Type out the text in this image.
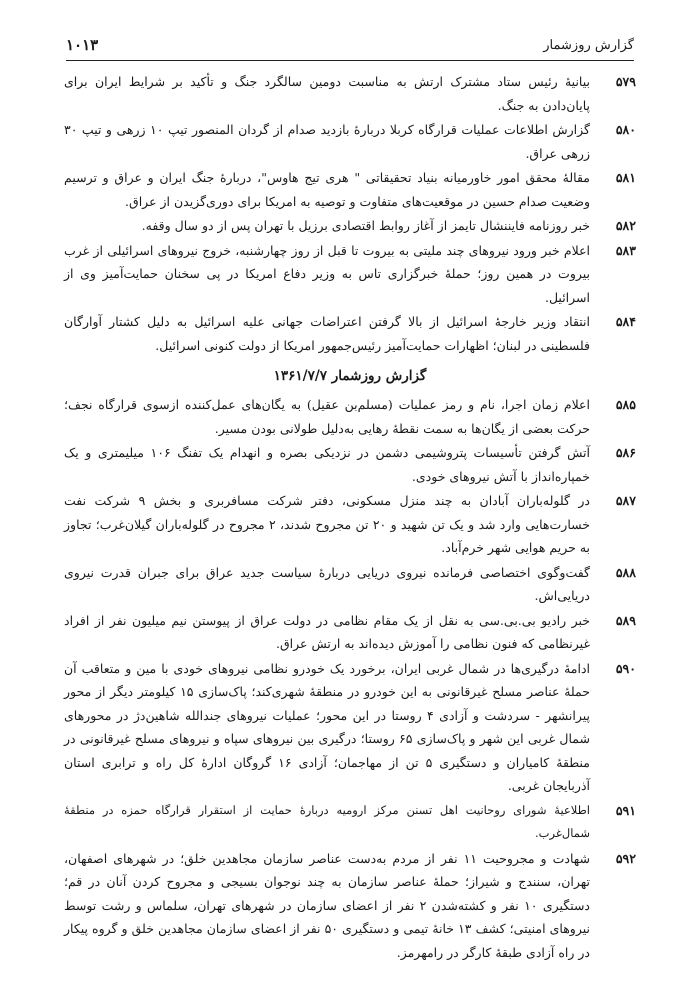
گزارش روزشمار
۱۰۱۳
۵۷۹
بیانیهٔ رئیس ستاد مشترک ارتش به مناسبت دومین سالگرد جنگ و تأکید بر شرایط ایران برای پایان‌دادن به جنگ.
۵۸۰
گزارش اطلاعات عملیات قرارگاه کربلا دربارهٔ بازدید صدام از گردان المنصور تیپ ۱۰ زرهی و تیپ ۳۰ زرهی عراق.
۵۸۱
مقالهٔ محقق امور خاورمیانه بنیاد تحقیقاتی " هری تیج هاوس"، دربارهٔ جنگ ایران و عراق و ترسیم وضعیت صدام حسین در موقعیت‌های متفاوت و توصیه به امریکا برای دوری‌گزیدن از عراق.
۵۸۲
خبر روزنامه فایننشال تایمز از آغاز روابط اقتصادی برزیل با تهران پس از دو سال وقفه.
۵۸۳
اعلام خبر ورود نیروهای چند ملیتی به بیروت تا قبل از روز چهارشنبه، خروج نیروهای اسرائیلی از غرب بیروت در همین روز؛ حملهٔ خبرگزاری تاس به وزیر دفاع امریکا در پی سخنان حمایت‌آمیز وی از اسرائیل.
۵۸۴
انتقاد وزیر خارجهٔ اسرائیل از بالا گرفتن اعتراضات جهانی علیه اسرائیل به دلیل کشتار آوارگان فلسطینی در لبنان؛ اظهارات حمایت‌آمیز رئیس‌جمهور امریکا از دولت کنونی اسرائیل.
گزارش روزشمار ۱۳۶۱/۷/۷
۵۸۵
اعلام زمان اجرا، نام و رمز عملیات (مسلم‌بن عقیل) به یگان‌های عمل‌کننده ازسوی قرارگاه نجف؛ حرکت بعضی از یگان‌ها به سمت نقطهٔ رهایی به‌دلیل طولانی بودن مسیر.
۵۸۶
آتش گرفتن تأسیسات پتروشیمی دشمن در نزدیکی بصره و انهدام یک تفنگ ۱۰۶ میلیمتری و یک خمپاره‌انداز با آتش نیروهای خودی.
۵۸۷
در گلوله‌باران آبادان به چند منزل مسکونی، دفتر شرکت مسافربری و بخش ۹ شرکت نفت خسارت‌هایی وارد شد و یک تن شهید و ۲۰ تن مجروح شدند، ۲ مجروح در گلوله‌باران گیلان‌غرب؛ تجاوز به حریم هوایی شهر خرم‌آباد.
۵۸۸
گفت‌وگوی اختصاصی فرمانده نیروی دریایی دربارهٔ سیاست جدید عراق برای جبران قدرت نیروی دریایی‌اش.
۵۸۹
خبر رادیو بی.بی.سی به نقل از یک مقام نظامی در دولت عراق از پیوستن نیم میلیون نفر از افراد غیرنظامی که فنون نظامی را آموزش دیده‌اند به ارتش عراق.
۵۹۰
ادامهٔ درگیری‌ها در شمال غربی ایران، برخورد یک خودرو نظامی نیروهای خودی با مین و متعاقب آن حملهٔ عناصر مسلح غیرقانونی به این خودرو در منطقهٔ شهری‌کند؛ پاک‌سازی ۱۵ کیلومتر دیگر از محور پیرانشهر - سردشت و آزادی ۴ روستا در این محور؛ عملیات نیروهای جندالله شاهین‌دژ در محورهای شمال غربی این شهر و پاک‌سازی ۶۵ روستا؛ درگیری بین نیروهای سپاه و نیروهای مسلح غیرقانونی در منطقهٔ کامیاران و دستگیری ۵ تن از مهاجمان؛ آزادی ۱۶ گروگان ادارهٔ کل راه و ترابری استان آذربایجان غربی.
۵۹۱
اطلاعیهٔ شورای روحانیت اهل تسنن مرکز ارومیه دربارهٔ حمایت از استقرار قرارگاه حمزه در منطقهٔ شمال‌غرب.
۵۹۲
شهادت و مجروحیت ۱۱ نفر از مردم به‌دست عناصر سازمان مجاهدین خلق؛ در شهرهای اصفهان، تهران، سنندج و شیراز؛ حملهٔ عناصر سازمان به چند نوجوان بسیجی و مجروح کردن آنان در قم؛ دستگیری ۱۰ نفر و کشته‌شدن ۲ نفر از اعضای سازمان در شهرهای تهران، سلماس و رشت توسط نیروهای امنیتی؛ کشف ۱۳ خانهٔ تیمی و دستگیری ۵۰ نفر از اعضای سازمان مجاهدین خلق و گروه پیکار در راه آزادی طبقهٔ کارگر در رامهرمز.
